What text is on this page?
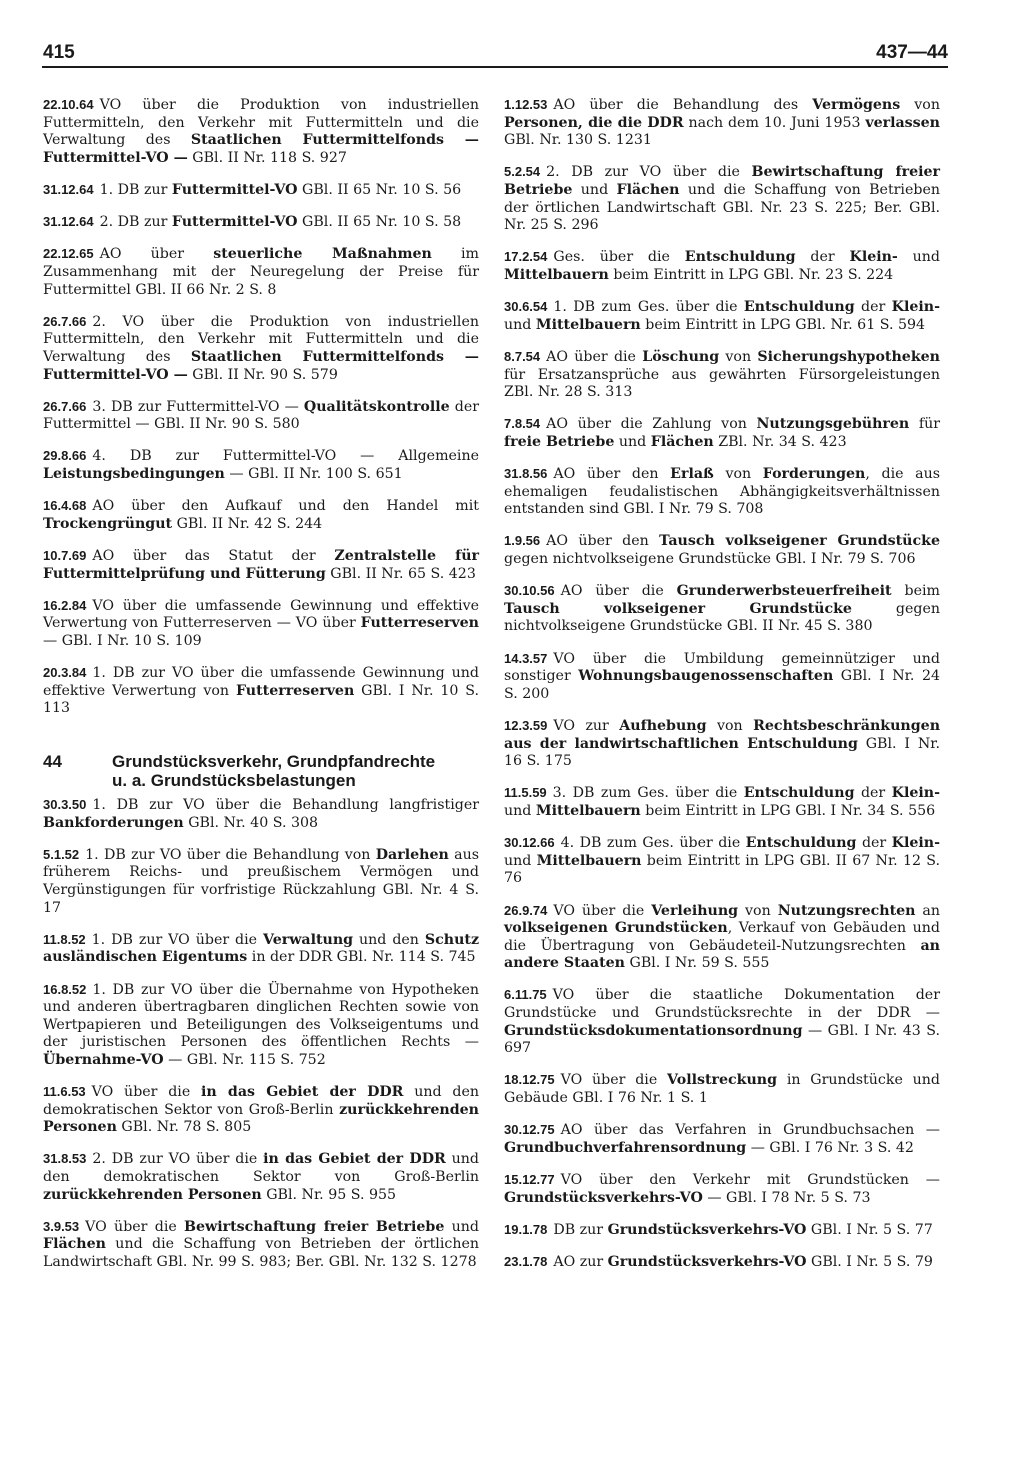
415	437—44
22.10.64 VO über die Produktion von industriellen Futtermitteln, den Verkehr mit Futtermitteln und die Verwaltung des Staatlichen Futtermittelfonds — Futtermittel-VO — GBl. II Nr. 118 S. 927
31.12.64 1. DB zur Futtermittel-VO GBl. II 65 Nr. 10 S. 56
31.12.64 2. DB zur Futtermittel-VO GBl. II 65 Nr. 10 S. 58
22.12.65 AO über steuerliche Maßnahmen im Zusammenhang mit der Neuregelung der Preise für Futtermittel GBl. II 66 Nr. 2 S. 8
26.7.66 2. VO über die Produktion von industriellen Futtermitteln, den Verkehr mit Futtermitteln und die Verwaltung des Staatlichen Futtermittelfonds — Futtermittel-VO — GBl. II Nr. 90 S. 579
26.7.66 3. DB zur Futtermittel-VO — Qualitätskontrolle der Futtermittel — GBl. II Nr. 90 S. 580
29.8.66 4. DB zur Futtermittel-VO — Allgemeine Leistungsbedingungen — GBl. II Nr. 100 S. 651
16.4.68 AO über den Aufkauf und den Handel mit Trockengrüngut GBl. II Nr. 42 S. 244
10.7.69 AO über das Statut der Zentralstelle für Futtermittelprüfung und Fütterung GBl. II Nr. 65 S. 423
16.2.84 VO über die umfassende Gewinnung und effektive Verwertung von Futterreserven — VO über Futterreserven — GBl. I Nr. 10 S. 109
20.3.84 1. DB zur VO über die umfassende Gewinnung und effektive Verwertung von Futterreserven GBl. I Nr. 10 S. 113
44	Grundstücksverkehr, Grundpfandrechte
u. a. Grundstücksbelastungen
30.3.50 1. DB zur VO über die Behandlung langfristiger Bankforderungen GBl. Nr. 40 S. 308
5.1.52 1. DB zur VO über die Behandlung von Darlehen aus früherem Reichs- und preußischem Vermögen und Vergünstigungen für vorfristige Rückzahlung GBl. Nr. 4 S. 17
11.8.52 1. DB zur VO über die Verwaltung und den Schutz ausländischen Eigentums in der DDR GBl. Nr. 114 S. 745
16.8.52 1. DB zur VO über die Übernahme von Hypotheken und anderen übertragbaren dinglichen Rechten sowie von Wertpapieren und Beteiligungen des Volkseigentums und der juristischen Personen des öffentlichen Rechts — Übernahme-VO — GBl. Nr. 115 S. 752
11.6.53 VO über die in das Gebiet der DDR und den demokratischen Sektor von Groß-Berlin zurückkehrenden Personen GBl. Nr. 78 S. 805
31.8.53 2. DB zur VO über die in das Gebiet der DDR und den demokratischen Sektor von Groß-Berlin zurückkehrenden Personen GBl. Nr. 95 S. 955
3.9.53 VO über die Bewirtschaftung freier Betriebe und Flächen und die Schaffung von Betrieben der örtlichen Landwirtschaft GBl. Nr. 99 S. 983; Ber. GBl. Nr. 132 S. 1278
1.12.53 AO über die Behandlung des Vermögens von Personen, die die DDR nach dem 10. Juni 1953 verlassen GBl. Nr. 130 S. 1231
5.2.54 2. DB zur VO über die Bewirtschaftung freier Betriebe und Flächen und die Schaffung von Betrieben der örtlichen Landwirtschaft GBl. Nr. 23 S. 225; Ber. GBl. Nr. 25 S. 296
17.2.54 Ges. über die Entschuldung der Klein- und Mittelbauern beim Eintritt in LPG GBl. Nr. 23 S. 224
30.6.54 1. DB zum Ges. über die Entschuldung der Klein- und Mittelbauern beim Eintritt in LPG GBl. Nr. 61 S. 594
8.7.54 AO über die Löschung von Sicherungshypotheken für Ersatzansprüche aus gewährten Fürsorgeleistungen ZBl. Nr. 28 S. 313
7.8.54 AO über die Zahlung von Nutzungsgebühren für freie Betriebe und Flächen ZBl. Nr. 34 S. 423
31.8.56 AO über den Erlaß von Forderungen, die aus ehemaligen feudalistischen Abhängigkeitsverhältnissen entstanden sind GBl. I Nr. 79 S. 708
1.9.56 AO über den Tausch volkseigener Grundstücke gegen nichtvolkseigene Grundstücke GBl. I Nr. 79 S. 706
30.10.56 AO über die Grunderwerbsteuerfreiheit beim Tausch volkseigener Grundstücke gegen nichtvolkseigene Grundstücke GBl. II Nr. 45 S. 380
14.3.57 VO über die Umbildung gemeinnütziger und sonstiger Wohnungsbaugenossenschaften GBl. I Nr. 24 S. 200
12.3.59 VO zur Aufhebung von Rechtsbeschränkungen aus der landwirtschaftlichen Entschuldung GBl. I Nr. 16 S. 175
11.5.59 3. DB zum Ges. über die Entschuldung der Klein- und Mittelbauern beim Eintritt in LPG GBl. I Nr. 34 S. 556
30.12.66 4. DB zum Ges. über die Entschuldung der Klein- und Mittelbauern beim Eintritt in LPG GBl. II 67 Nr. 12 S. 76
26.9.74 VO über die Verleihung von Nutzungsrechten an volkseigenen Grundstücken, Verkauf von Gebäuden und die Übertragung von Gebäudeteil-Nutzungsrechten an andere Staaten GBl. I Nr. 59 S. 555
6.11.75 VO über die staatliche Dokumentation der Grundstücke und Grundstücksrechte in der DDR — Grundstücksdokumentationsordnung — GBl. I Nr. 43 S. 697
18.12.75 VO über die Vollstreckung in Grundstücke und Gebäude GBl. I 76 Nr. 1 S. 1
30.12.75 AO über das Verfahren in Grundbuchsachen — Grundbuchverfahrensordnung — GBl. I 76 Nr. 3 S. 42
15.12.77 VO über den Verkehr mit Grundstücken — Grundstücksverkehrs-VO — GBl. I 78 Nr. 5 S. 73
19.1.78 DB zur Grundstücksverkehrs-VO GBl. I Nr. 5 S. 77
23.1.78 AO zur Grundstücksverkehrs-VO GBl. I Nr. 5 S. 79
